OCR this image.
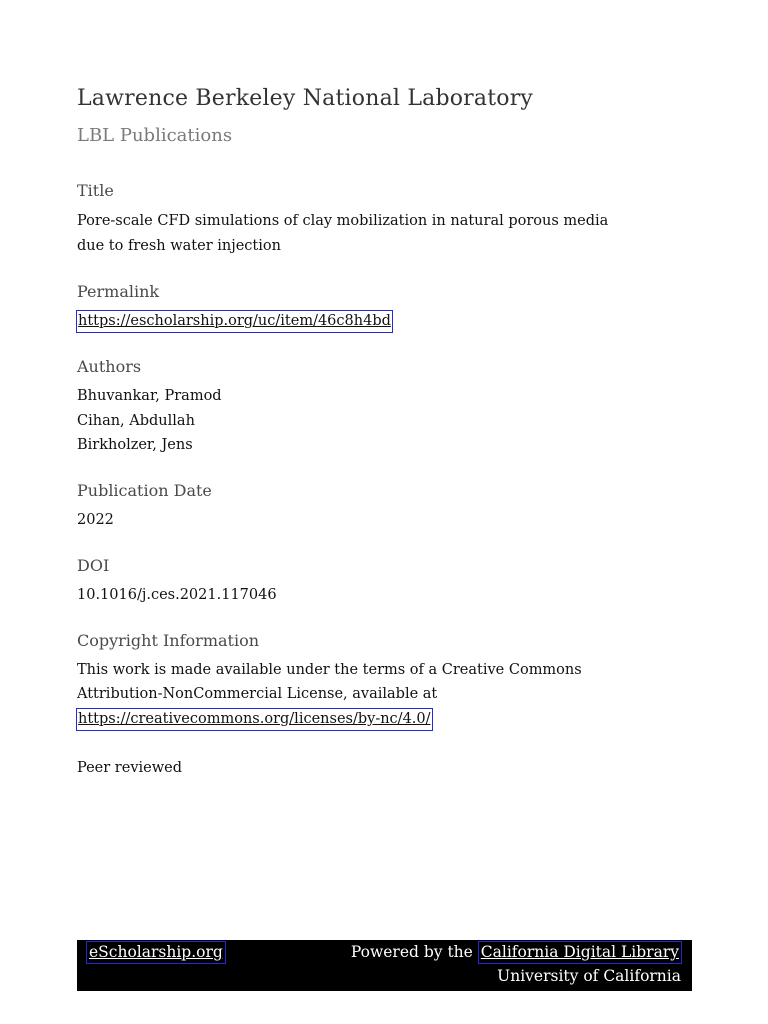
Lawrence Berkeley National Laboratory
LBL Publications
Title
Pore-scale CFD simulations of clay mobilization in natural porous media
due to fresh water injection
Permalink
https://escholarship.org/uc/item/46c8h4bd
Authors
Bhuvankar, Pramod
Cihan, Abdullah
Birkholzer, Jens
Publication Date
2022
DOI
10.1016/j.ces.2021.117046
Copyright Information
This work is made available under the terms of a Creative Commons
Attribution-NonCommercial License, available at
https://creativecommons.org/licenses/by-nc/4.0/
Peer reviewed
eScholarship.org	Powered by the California Digital Library
University of California
